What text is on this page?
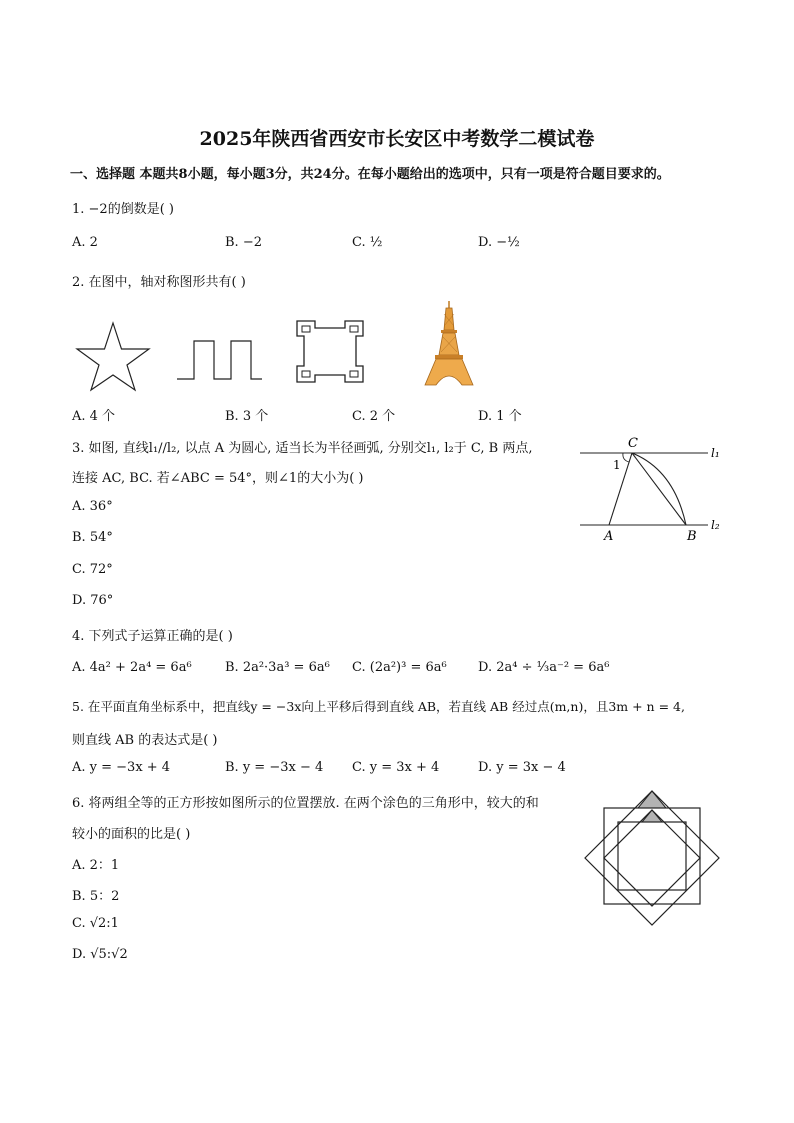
2025年陕西省西安市长安区中考数学二模试卷
一、选择题 本题共8小题，每小题3分，共24分。在每小题给出的选项中，只有一项是符合题目要求的。
1. −2的倒数是( )
A. 2	B. −2	C. ½	D. −½
2. 在图中，轴对称图形共有( )
A. 4 个	B. 3 个	C. 2 个	D. 1 个
3. 如图, 直线l₁//l₂, 以点 A 为圆心, 适当长为半径画弧, 分别交l₁, l₂于 C, B 两点,
连接 AC, BC. 若∠ABC = 54°，则∠1的大小为( )
A. 36°
B. 54°
C. 72°
D. 76°
C
1
l₁
A	B
l₂
4. 下列式子运算正确的是( )
A. 4a² + 2a⁴ = 6a⁶	B. 2a²·3a³ = 6a⁶ C. (2a²)³ = 6a⁶ D. 2a⁴ ÷ ⅓a⁻² = 6a⁶
5. 在平面直角坐标系中，把直线y = −3x向上平移后得到直线 AB，若直线 AB 经过点(m,n)，且3m + n = 4,
则直线 AB 的表达式是( )
A. y = −3x + 4	B. y = −3x − 4 C. y = 3x + 4	D. y = 3x − 4
6. 将两组全等的正方形按如图所示的位置摆放. 在两个涂色的三角形中，较大的和
较小的面积的比是( )
A. 2：1
B. 5：2
C. √2:1
D. √5:√2
